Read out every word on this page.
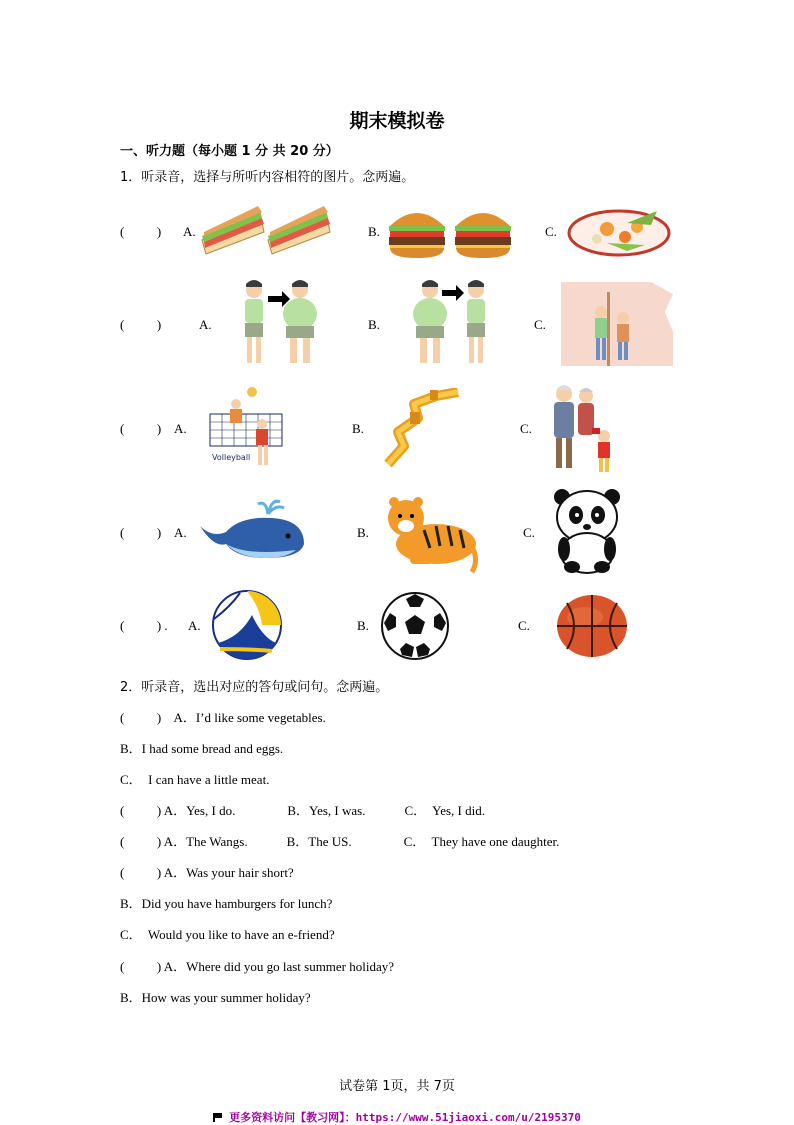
期末模拟卷
一、听力题（每小题 1 分 共 20 分）
1．听录音，选择与所听内容相符的图片。念两遍。
(          ) A.	B.	C.
(          )	A.	B.	C.
(          ) A.	B.	C.
Volleyball
(          ) A.	B.	C.
(          ) . A.	B.	C.
2．听录音，选出对应的答句或问句。念两遍。
(          )    A．I’d like some vegetables.
B．I had some bread and eggs.
C．  I can have a little meat.
(          ) A．Yes, I do.                B．Yes, I was.            C．  Yes, I did.
(          ) A．The Wangs.            B．The US.                C．  They have one daughter.
(          ) A．Was your hair short?
B．Did you have hamburgers for lunch?
C．  Would you like to have an e-friend?
(          ) A．Where did you go last summer holiday?
B．How was your summer holiday?
试卷第 1页，共 7页
更多资料访问【教习网】：https://www.51jiaoxi.com/u/2195370
